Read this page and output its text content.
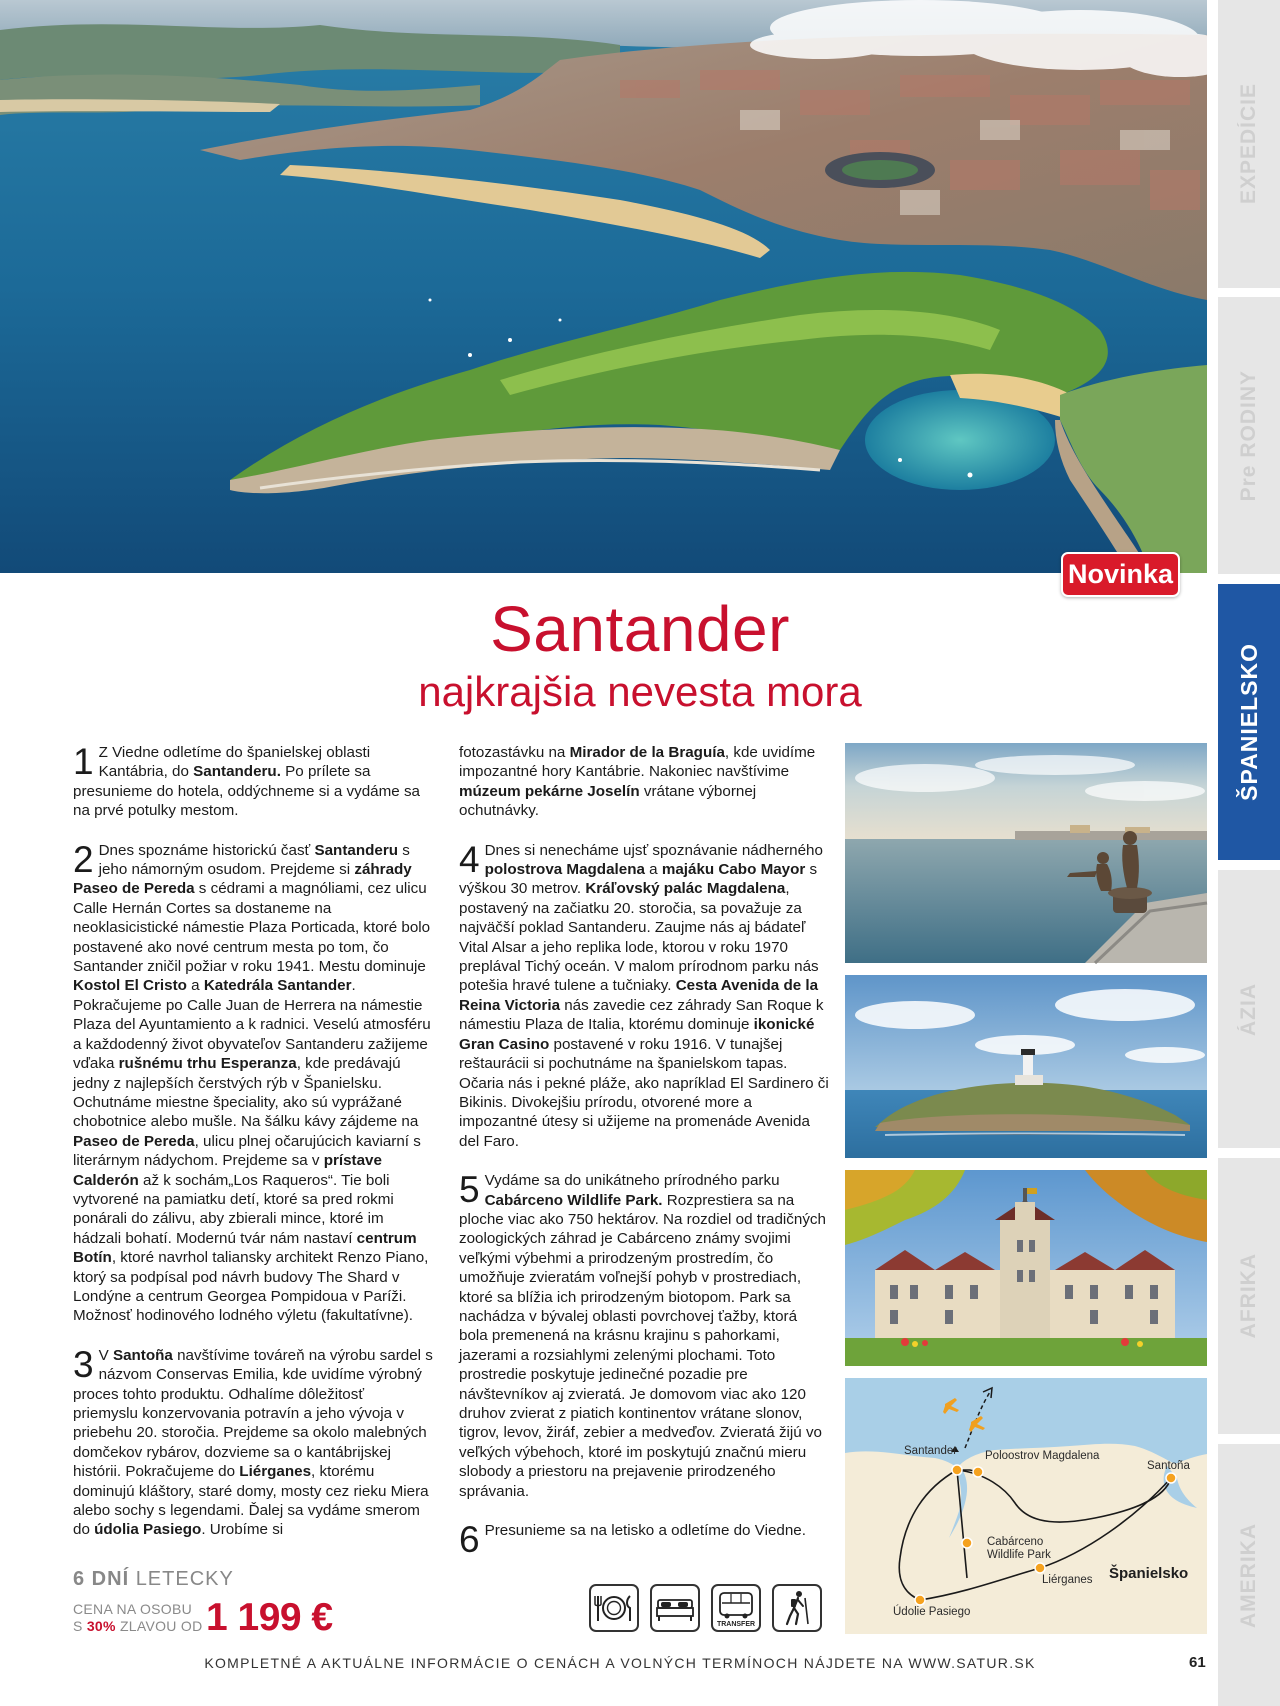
Novinka
EXPEDÍCIE
Pre RODINY
ŠPANIELSKO
ÁZIA
AFRIKA
AMERIKA
Santander
najkrajšia nevesta mora
1 Z Viedne odletíme do španielskej oblasti Kantábria, do Santanderu. Po prílete sa presunieme do hotela, oddýchneme si a vydáme sa na prvé potulky mestom.

2 Dnes spoznáme historickú časť Santanderu s jeho námorným osudom. Prejdeme si záhrady Paseo de Pereda s cédrami a magnóliami, cez ulicu Calle Hernán Cortes sa dostaneme na neoklasicistické námestie Plaza Porticada, ktoré bolo postavené ako nové centrum mesta po tom, čo Santander zničil požiar v roku 1941. Mestu dominuje Kostol El Cristo a Katedrála Santander. Pokračujeme po Calle Juan de Herrera na námestie Plaza del Ayuntamiento a k radnici. Veselú atmosféru a každodenný život obyvateľov Santanderu zažijeme vďaka rušnému trhu Esperanza, kde predávajú jedny z najlepších čerstvých rýb v Španielsku. Ochutnáme miestne špeciality, ako sú vyprážané chobotnice alebo mušle. Na šálku kávy zájdeme na Paseo de Pereda, ulicu plnej očarujúcich kaviarní s literárnym nádychom. Prejdeme sa v prístave Calderón až k sochám„Los Raqueros“. Tie boli vytvorené na pamiatku detí, ktoré sa pred rokmi ponárali do zálivu, aby zbierali mince, ktoré im hádzali bohatí. Modernú tvár nám nastaví centrum Botín, ktoré navrhol taliansky architekt Renzo Piano, ktorý sa podpísal pod návrh budovy The Shard v Londýne a centrum Georgea Pompidoua v Paríži. Možnosť hodinového lodného výletu (fakultatívne).

3 V Santoña navštívime továreň na výrobu sardel s názvom Conservas Emilia, kde uvidíme výrobný proces tohto produktu. Odhalíme dôležitosť priemyslu konzervovania potravín a jeho vývoja v priebehu 20. storočia. Prejdeme sa okolo malebných domčekov rybárov, dozvieme sa o kantábrijskej histórii. Pokračujeme do Liérganes, ktorému dominujú kláštory, staré domy, mosty cez rieku Miera alebo sochy s legendami. Ďalej sa vydáme smerom do údolia Pasiego. Urobíme si

fotozastávku na Mirador de la Braguía, kde uvidíme impozantné hory Kantábrie. Nakoniec navštívime múzeum pekárne Joselín vrátane výbornej ochutnávky.

4 Dnes si nenecháme ujsť spoznávanie nádherného polostrova Magdalena a majáku Cabo Mayor s výškou 30 metrov. Kráľovský palác Magdalena, postavený na začiatku 20. storočia, sa považuje za najväčší poklad Santanderu. Zaujme nás aj bádateľ Vital Alsar a jeho replika lode, ktorou v roku 1970 preplával Tichý oceán. V malom prírodnom parku nás potešia hravé tulene a tučniaky. Cesta Avenida de la Reina Victoria nás zavedie cez záhrady San Roque k námestiu Plaza de Italia, ktorému dominuje ikonické Gran Casino postavené v roku 1916. V tunajšej reštaurácii si pochutnáme na španielskom tapas. Očaria nás i pekné pláže, ako napríklad El Sardinero či Bikinis. Divokejšiu prírodu, otvorené more a impozantné útesy si užijeme na promenáde Avenida del Faro.

5 Vydáme sa do unikátneho prírodného parku Cabárceno Wildlife Park. Rozprestiera sa na ploche viac ako 750 hektárov. Na rozdiel od tradičných zoologických záhrad je Cabárceno známy svojimi veľkými výbehmi a prirodzeným prostredím, čo umožňuje zvieratám voľnejší pohyb v prostrediach, ktoré sa blížia ich prirodzeným biotopom. Park sa nachádza v bývalej oblasti povrchovej ťažby, ktorá bola premenená na krásnu krajinu s pahorkami, jazerami a rozsiahlymi zelenými plochami. Toto prostredie poskytuje jedinečné pozadie pre návštevníkov aj zvieratá. Je domovom viac ako 120 druhov zvierat z piatich kontinentov vrátane slonov, tigrov, levov, žiráf, zebier a medveďov. Zvieratá žijú vo veľkých výbehoch, ktoré im poskytujú značnú mieru slobody a priestoru na prejavenie prirodzeného správania.

6 Presunieme sa na letisko a odletíme do Viedne.

6 DNÍ LETECKY
CENA NA OSOBU
S 30% ZLAVOU OD 1 199 €	TRANSFER
Santander Poloostrov Magdalena
Santoña
Cabárceno
Wildlife Park
Liérganes
Údolie Pasiego
Španielsko
KOMPLETNÉ A AKTUÁLNE INFORMÁCIE O CENÁCH A VOLNÝCH TERMÍNOCH NÁJDETE NA WWW.SATUR.SK	61
